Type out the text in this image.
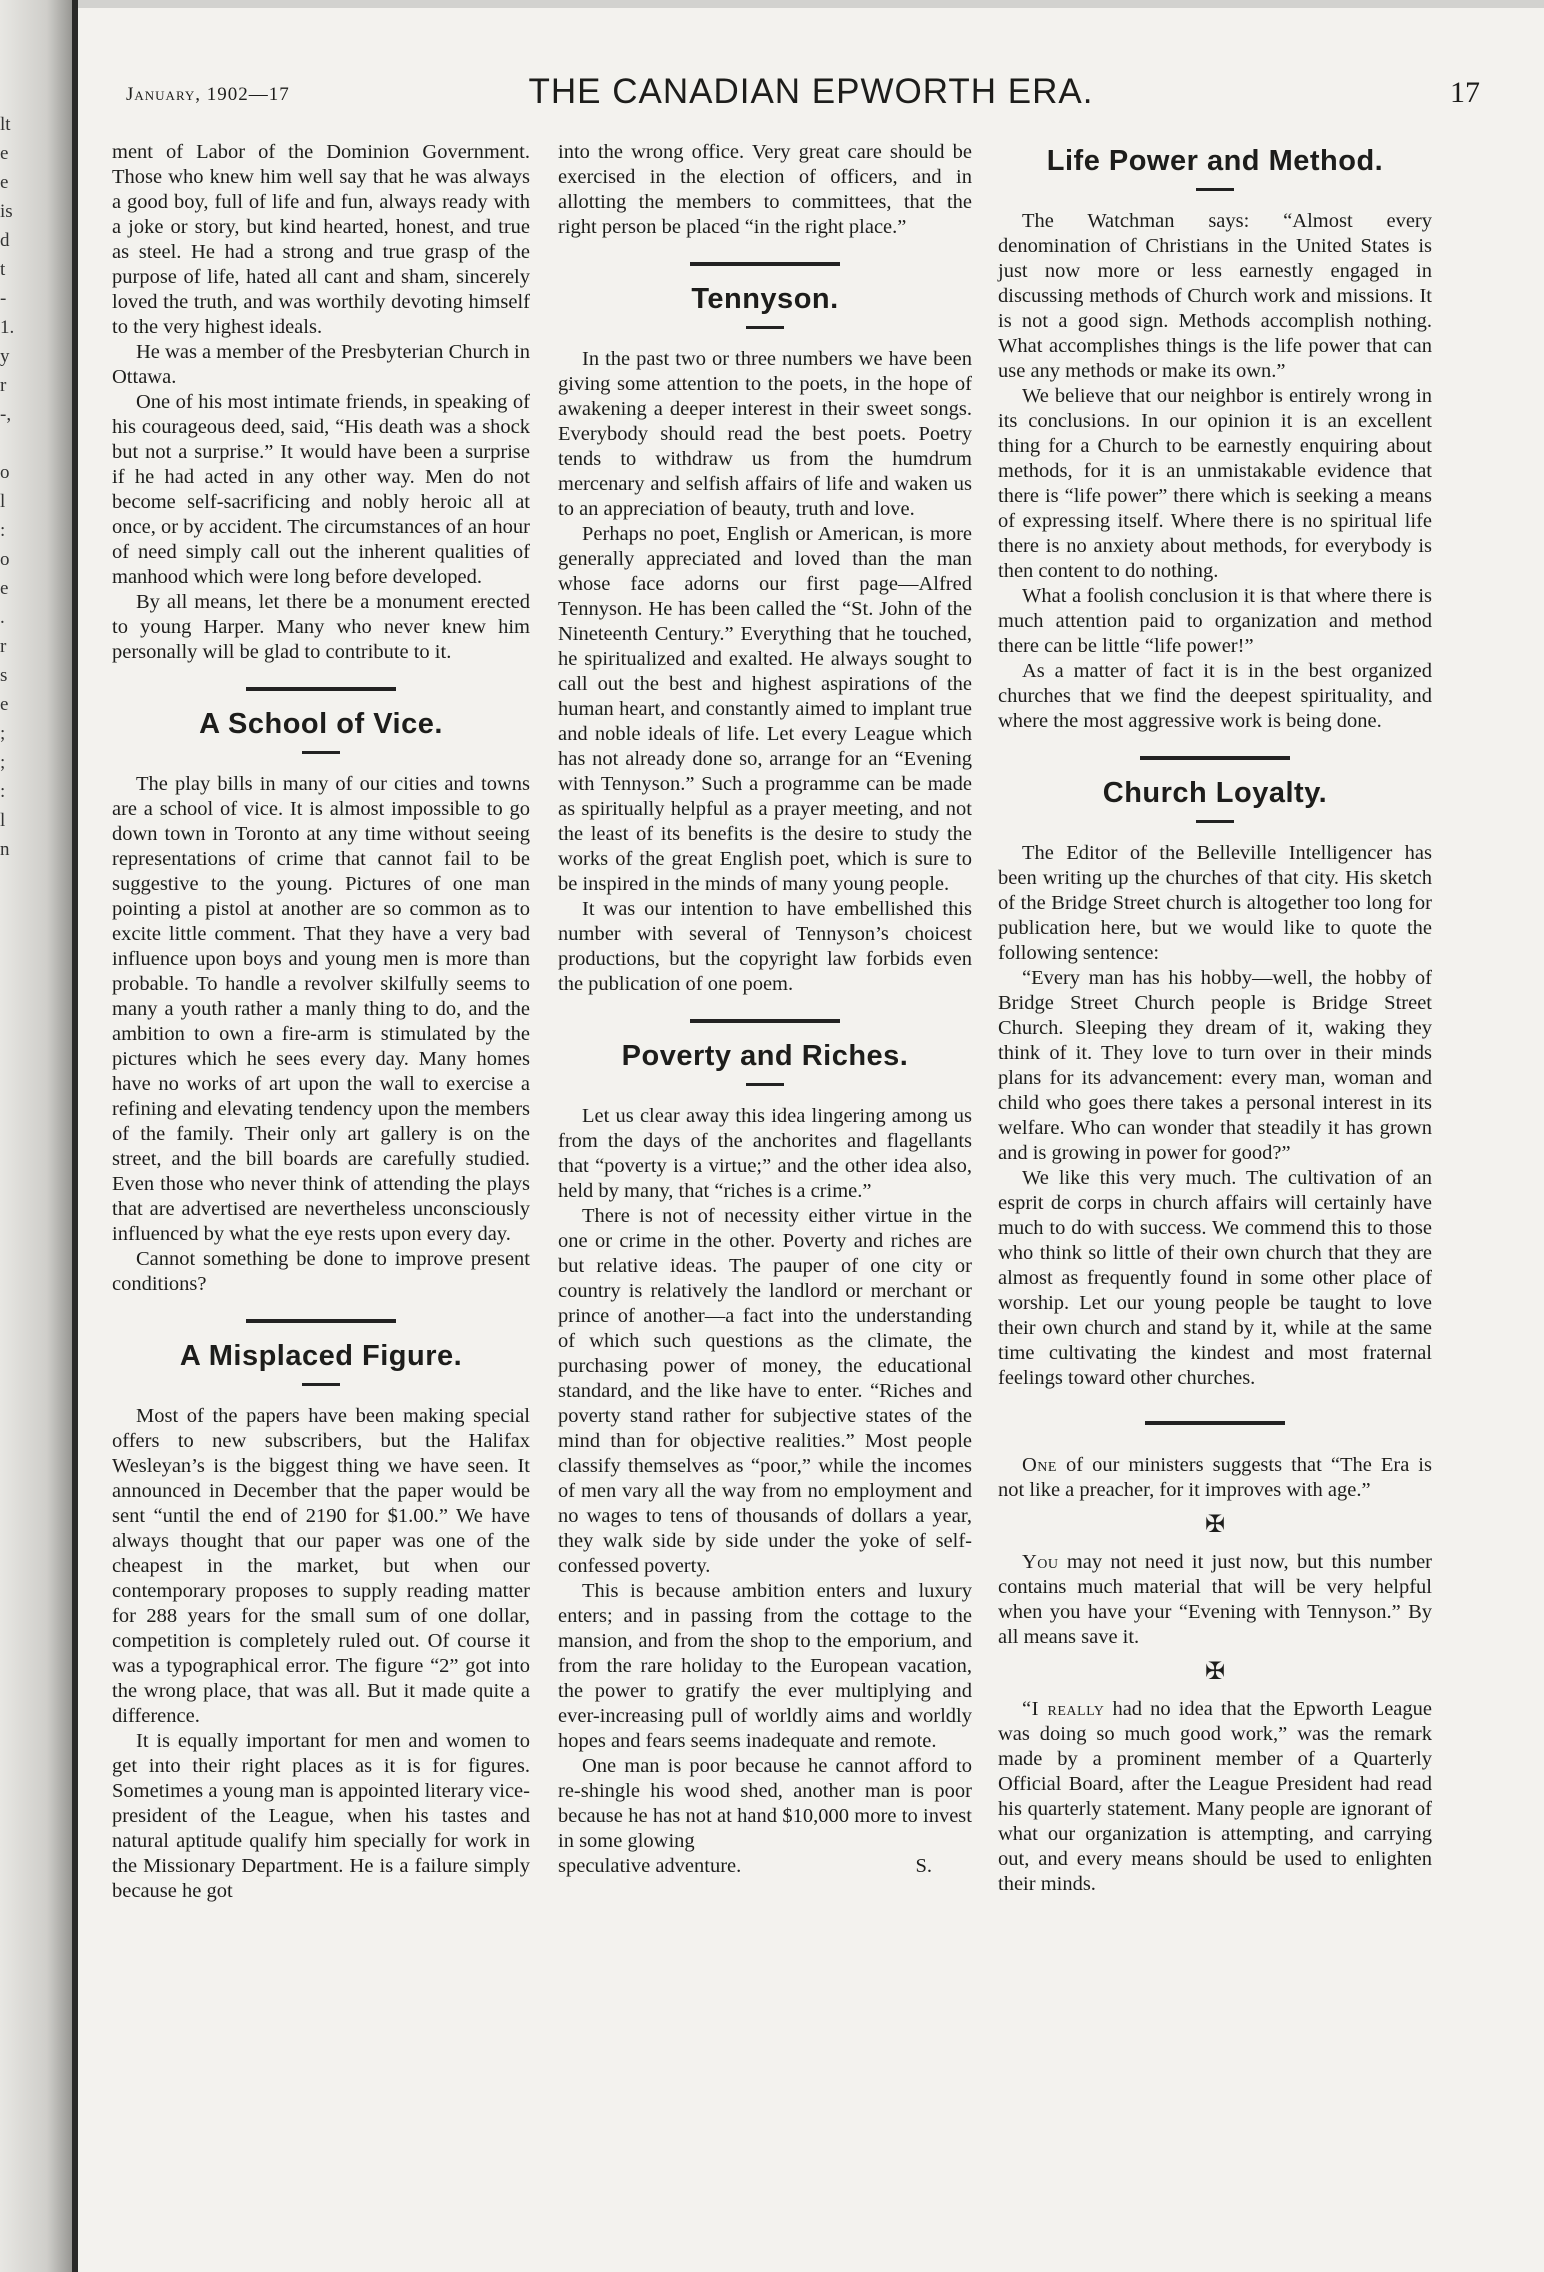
lt
e
e
is
d
t
-
1.
y
r
-,

o
l
:
o
e
.
r
s
e
;
;
:
l
n
January, 1902—17	THE CANADIAN EPWORTH ERA.	17

ment of Labor of the Dominion Government. Those who knew him well say that he was always a good boy, full of life and fun, always ready with a joke or story, but kind hearted, honest, and true as steel. He had a strong and true grasp of the purpose of life, hated all cant and sham, sincerely loved the truth, and was worthily devoting himself to the very highest ideals.

He was a member of the Presbyterian Church in Ottawa.

One of his most intimate friends, in speaking of his courageous deed, said, “His death was a shock but not a surprise.” It would have been a surprise if he had acted in any other way. Men do not become self-sacrificing and nobly heroic all at once, or by accident. The circumstances of an hour of need simply call out the inherent qualities of manhood which were long before developed.

By all means, let there be a monument erected to young Harper. Many who never knew him personally will be glad to contribute to it.

A School of Vice.

The play bills in many of our cities and towns are a school of vice. It is almost impossible to go down town in Toronto at any time without seeing representations of crime that cannot fail to be suggestive to the young. Pictures of one man pointing a pistol at another are so common as to excite little comment. That they have a very bad influence upon boys and young men is more than probable. To handle a revolver skilfully seems to many a youth rather a manly thing to do, and the ambition to own a fire-arm is stimulated by the pictures which he sees every day. Many homes have no works of art upon the wall to exercise a refining and elevating tendency upon the members of the family. Their only art gallery is on the street, and the bill boards are carefully studied. Even those who never think of attending the plays that are advertised are nevertheless unconsciously influenced by what the eye rests upon every day.

Cannot something be done to improve present conditions?

A Misplaced Figure.

Most of the papers have been making special offers to new subscribers, but the Halifax Wesleyan’s is the biggest thing we have seen. It announced in December that the paper would be sent “until the end of 2190 for $1.00.” We have always thought that our paper was one of the cheapest in the market, but when our contemporary proposes to supply reading matter for 288 years for the small sum of one dollar, competition is completely ruled out. Of course it was a typographical error. The figure “2” got into the wrong place, that was all. But it made quite a difference.

It is equally important for men and women to get into their right places as it is for figures. Sometimes a young man is appointed literary vice-president of the League, when his tastes and natural aptitude qualify him specially for work in the Missionary Department. He is a failure simply because he got

into the wrong office. Very great care should be exercised in the election of officers, and in allotting the members to committees, that the right person be placed “in the right place.”

Tennyson.

In the past two or three numbers we have been giving some attention to the poets, in the hope of awakening a deeper interest in their sweet songs. Everybody should read the best poets. Poetry tends to withdraw us from the humdrum mercenary and selfish affairs of life and waken us to an appreciation of beauty, truth and love.

Perhaps no poet, English or American, is more generally appreciated and loved than the man whose face adorns our first page—Alfred Tennyson. He has been called the “St. John of the Nineteenth Century.” Everything that he touched, he spiritualized and exalted. He always sought to call out the best and highest aspirations of the human heart, and constantly aimed to implant true and noble ideals of life. Let every League which has not already done so, arrange for an “Evening with Tennyson.” Such a programme can be made as spiritually helpful as a prayer meeting, and not the least of its benefits is the desire to study the works of the great English poet, which is sure to be inspired in the minds of many young people.

It was our intention to have embellished this number with several of Tennyson’s choicest productions, but the copyright law forbids even the publication of one poem.

Poverty and Riches.

Let us clear away this idea lingering among us from the days of the anchorites and flagellants that “poverty is a virtue;” and the other idea also, held by many, that “riches is a crime.”

There is not of necessity either virtue in the one or crime in the other. Poverty and riches are but relative ideas. The pauper of one city or country is relatively the landlord or merchant or prince of another—a fact into the understanding of which such questions as the climate, the purchasing power of money, the educational standard, and the like have to enter. “Riches and poverty stand rather for subjective states of the mind than for objective realities.” Most people classify themselves as “poor,” while the incomes of men vary all the way from no employment and no wages to tens of thousands of dollars a year, they walk side by side under the yoke of self-confessed poverty.

This is because ambition enters and luxury enters; and in passing from the cottage to the mansion, and from the shop to the emporium, and from the rare holiday to the European vacation, the power to gratify the ever multiplying and ever-increasing pull of worldly aims and worldly hopes and fears seems inadequate and remote.

One man is poor because he cannot afford to re-shingle his wood shed, another man is poor because he has not at hand $10,000 more to invest in some glowing

speculative adventure.	S.
Life Power and Method.

The Watchman says: “Almost every denomination of Christians in the United States is just now more or less earnestly engaged in discussing methods of Church work and missions. It is not a good sign. Methods accomplish nothing. What accomplishes things is the life power that can use any methods or make its own.”

We believe that our neighbor is entirely wrong in its conclusions. In our opinion it is an excellent thing for a Church to be earnestly enquiring about methods, for it is an unmistakable evidence that there is “life power” there which is seeking a means of expressing itself. Where there is no spiritual life there is no anxiety about methods, for everybody is then content to do nothing.

What a foolish conclusion it is that where there is much attention paid to organization and method there can be little “life power!”

As a matter of fact it is in the best organized churches that we find the deepest spirituality, and where the most aggressive work is being done.

Church Loyalty.

The Editor of the Belleville Intelligencer has been writing up the churches of that city. His sketch of the Bridge Street church is altogether too long for publication here, but we would like to quote the following sentence:

“Every man has his hobby—well, the hobby of Bridge Street Church people is Bridge Street Church. Sleeping they dream of it, waking they think of it. They love to turn over in their minds plans for its advancement: every man, woman and child who goes there takes a personal interest in its welfare. Who can wonder that steadily it has grown and is growing in power for good?”

We like this very much. The cultivation of an esprit de corps in church affairs will certainly have much to do with success. We commend this to those who think so little of their own church that they are almost as frequently found in some other place of worship. Let our young people be taught to love their own church and stand by it, while at the same time cultivating the kindest and most fraternal feelings toward other churches.

One of our ministers suggests that “The Era is not like a preacher, for it improves with age.”

✠

You may not need it just now, but this number contains much material that will be very helpful when you have your “Evening with Tennyson.” By all means save it.

✠

“I really had no idea that the Epworth League was doing so much good work,” was the remark made by a prominent member of a Quarterly Official Board, after the League President had read his quarterly statement. Many people are ignorant of what our organization is attempting, and carrying out, and every means should be used to enlighten their minds.
